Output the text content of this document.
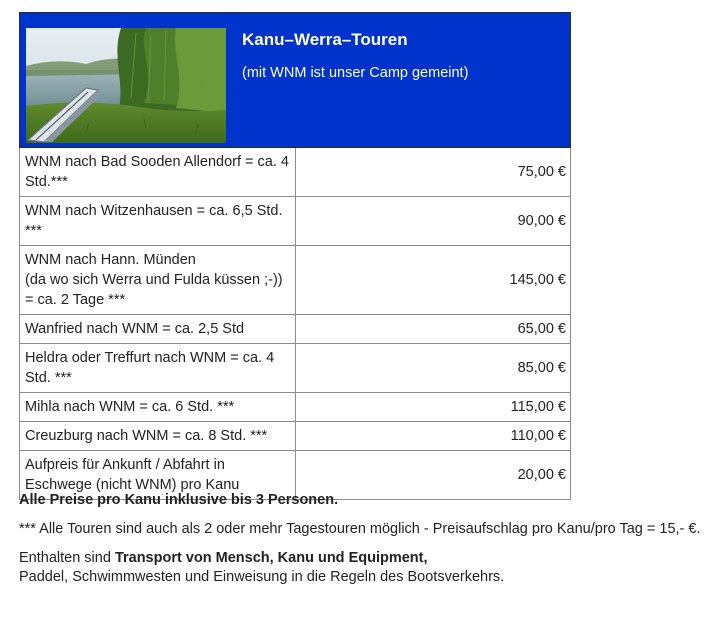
Kanu–Werra–Touren

(mit WNM ist unser Camp gemeint)	

WNM nach Bad Sooden Allendorf = ca. 4 Std.***	75,00 €
WNM nach Witzenhausen = ca. 6,5 Std. ***	90,00 €
WNM nach Hann. Münden
(da wo sich Werra und Fulda küssen ;-)) = ca. 2 Tage ***	145,00 €
Wanfried nach WNM = ca. 2,5 Std	65,00 €
Heldra oder Treffurt nach WNM = ca. 4 Std. ***	85,00 €
Mihla nach WNM = ca. 6 Std. ***	115,00 €
Creuzburg nach WNM = ca. 8 Std. ***	110,00 €
Aufpreis für Ankunft / Abfahrt in Eschwege (nicht WNM) pro Kanu	20,00 €

Alle Preise pro Kanu inklusive bis 3 Personen.

*** Alle Touren sind auch als 2 oder mehr Tagestouren möglich - Preisaufschlag pro Kanu/pro Tag = 15,- €.

Enthalten sind Transport von Mensch, Kanu und Equipment,
Paddel, Schwimmwesten und Einweisung in die Regeln des Bootsverkehrs.
